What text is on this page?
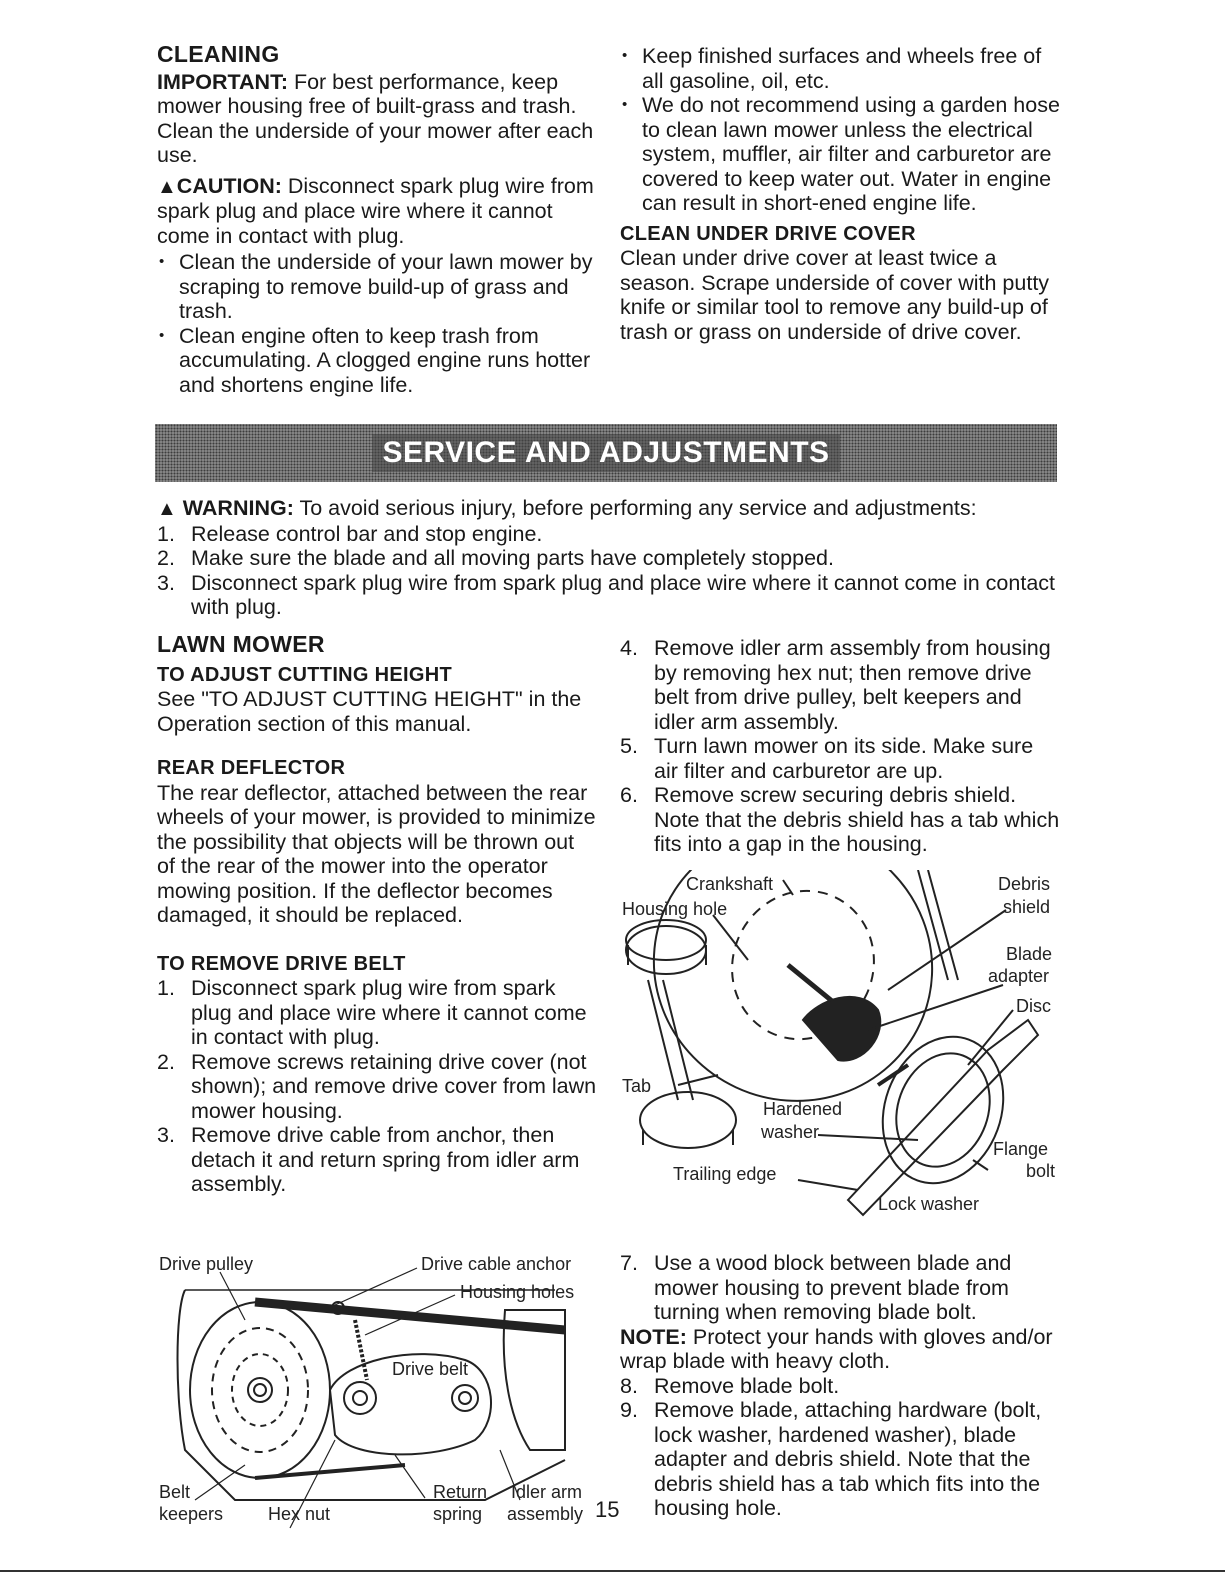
CLEANING

IMPORTANT: For best performance, keep mower housing free of built-grass and trash. Clean the underside of your mower after each use.

▲CAUTION: Disconnect spark plug wire from spark plug and place wire where it cannot come in contact with plug.

• Clean the underside of your lawn mower by scraping to remove build-up of grass and trash.
• Clean engine often to keep trash from accumulating. A clogged engine runs hotter and shortens engine life.
• Keep finished surfaces and wheels free of all gasoline, oil, etc.
• We do not recommend using a garden hose to clean lawn mower unless the electrical system, muffler, air filter and carburetor are covered to keep water out. Water in engine can result in short-ened engine life.

CLEAN UNDER DRIVE COVER

Clean under drive cover at least twice a season. Scrape underside of cover with putty knife or similar tool to remove any build-up of trash or grass on underside of drive cover.

SERVICE AND ADJUSTMENTS

▲ WARNING: To avoid serious injury, before performing any service and adjustments:

1. Release control bar and stop engine.
2. Make sure the blade and all moving parts have completely stopped.
3. Disconnect spark plug wire from spark plug and place wire where it cannot come in contact with plug.

LAWN MOWER

TO ADJUST CUTTING HEIGHT

See "TO ADJUST CUTTING HEIGHT" in the Operation section of this manual.

REAR DEFLECTOR

The rear deflector, attached between the rear wheels of your mower, is provided to minimize the possibility that objects will be thrown out of the rear of the mower into the operator mowing position. If the deflector becomes damaged, it should be replaced.

TO REMOVE DRIVE BELT

1. Disconnect spark plug wire from spark plug and place wire where it cannot come in contact with plug.
2. Remove screws retaining drive cover (not shown); and remove drive cover from lawn mower housing.
3. Remove drive cable from anchor, then detach it and return spring from idler arm assembly.
4. Remove idler arm assembly from housing by removing hex nut; then remove drive belt from drive pulley, belt keepers and idler arm assembly.
5. Turn lawn mower on its side. Make sure air filter and carburetor are up.
6. Remove screw securing debris shield. Note that the debris shield has a tab which fits into a gap in the housing.
7. Use a wood block between blade and mower housing to prevent blade from turning when removing blade bolt.

NOTE: Protect your hands with gloves and/or wrap blade with heavy cloth.

8. Remove blade bolt.
9. Remove blade, attaching hardware (bolt, lock washer, hardened washer), blade adapter and debris shield. Note that the debris shield has a tab which fits into the housing hole.
Drive pulley	Drive cable anchor
Housing holes
Drive belt
Belt
keepers Hex nut
Return
spring
Idler arm
assembly
Crankshaft
Housing hole
Debris
shield
Blade
adapter
Disc
Tab
Hardened
washer
Flange
bolt
Trailing edge
Lock washer
15
